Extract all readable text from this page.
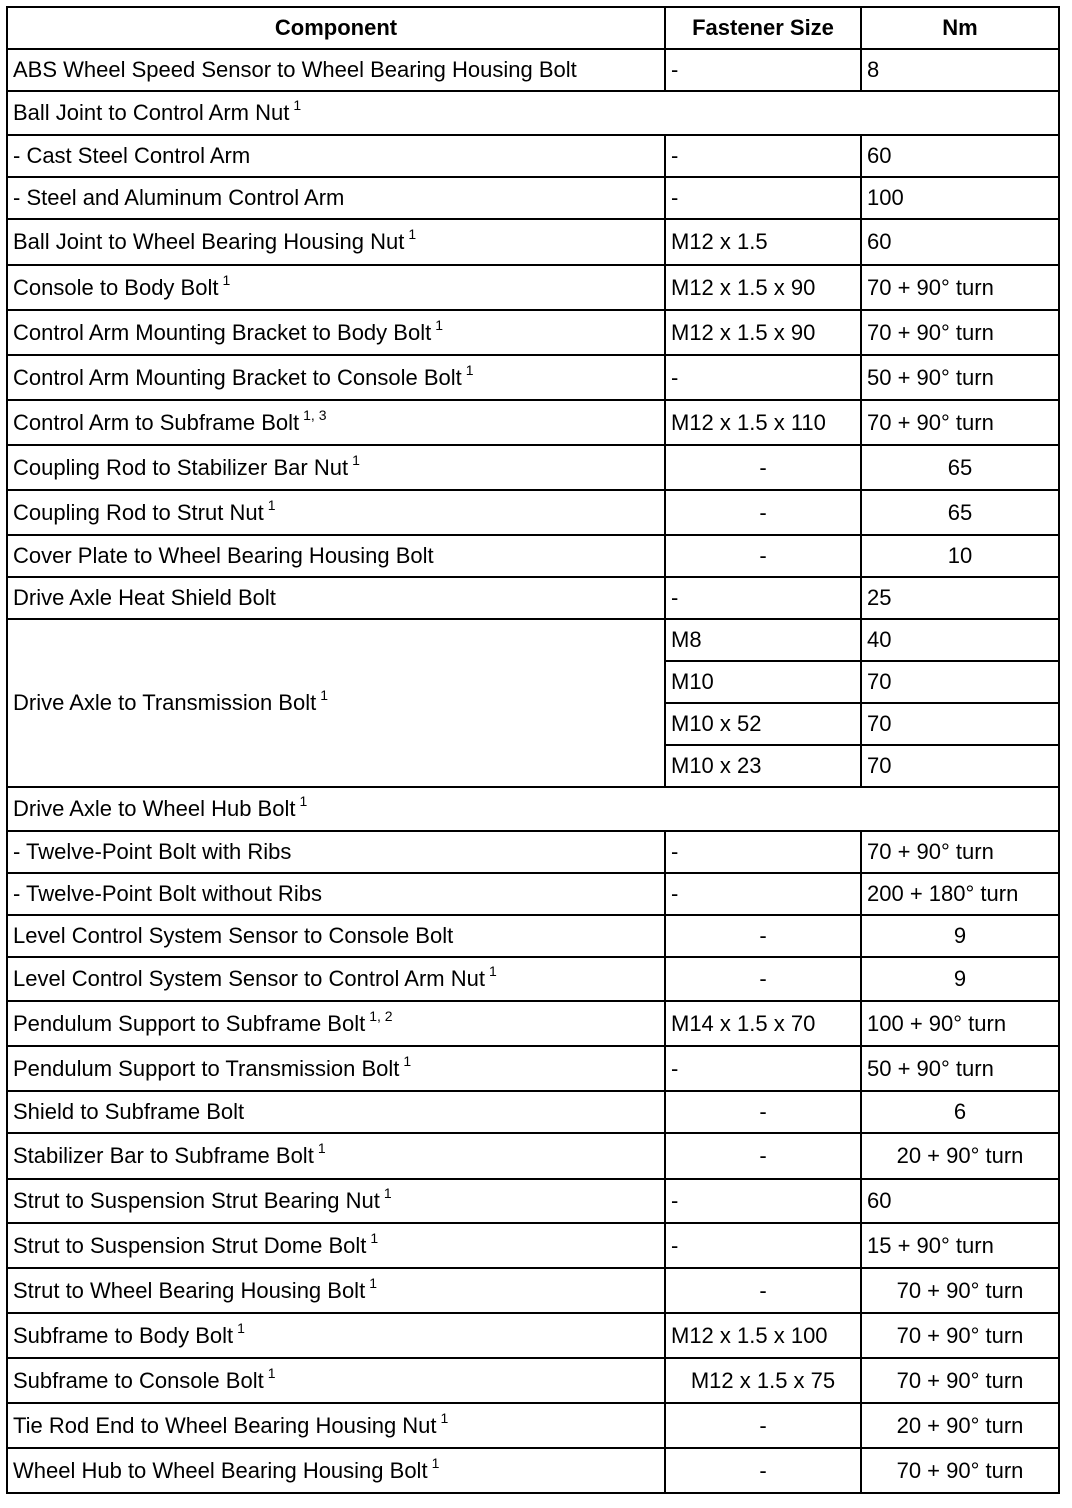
Component	Fastener Size	Nm
ABS Wheel Speed Sensor to Wheel Bearing Housing Bolt	-	8
Ball Joint to Control Arm Nut $^1$
- Cast Steel Control Arm	-	60
- Steel and Aluminum Control Arm	-	100
Ball Joint to Wheel Bearing Housing Nut $^1$	M12 x 1.5	60
Console to Body Bolt $^1$	M12 x 1.5 x 90	70 + 90° turn
Control Arm Mounting Bracket to Body Bolt $^1$	M12 x 1.5 x 90	70 + 90° turn
Control Arm Mounting Bracket to Console Bolt $^1$	-	50 + 90° turn
Control Arm to Subframe Bolt $^{1, 3}$	M12 x 1.5 x 110	70 + 90° turn
Coupling Rod to Stabilizer Bar Nut $^1$	-	65
Coupling Rod to Strut Nut $^1$	-	65
Cover Plate to Wheel Bearing Housing Bolt	-	10
Drive Axle Heat Shield Bolt	-	25
Drive Axle to Transmission Bolt $^1$	M8	40
	M10	70
	M10 x 52	70
	M10 x 23	70
Drive Axle to Wheel Hub Bolt $^1$
- Twelve-Point Bolt with Ribs	-	70 + 90° turn
- Twelve-Point Bolt without Ribs	-	200 + 180° turn
Level Control System Sensor to Console Bolt	-	9
Level Control System Sensor to Control Arm Nut $^1$	-	9
Pendulum Support to Subframe Bolt $^{1, 2}$	M14 x 1.5 x 70	100 + 90° turn
Pendulum Support to Transmission Bolt $^1$	-	50 + 90° turn
Shield to Subframe Bolt	-	6
Stabilizer Bar to Subframe Bolt $^1$	-	20 + 90° turn
Strut to Suspension Strut Bearing Nut $^1$	-	60
Strut to Suspension Strut Dome Bolt $^1$	-	15 + 90° turn
Strut to Wheel Bearing Housing Bolt $^1$	-	70 + 90° turn
Subframe to Body Bolt $^1$	M12 x 1.5 x 100	70 + 90° turn
Subframe to Console Bolt $^1$	M12 x 1.5 x 75	70 + 90° turn
Tie Rod End to Wheel Bearing Housing Nut $^1$	-	20 + 90° turn
Wheel Hub to Wheel Bearing Housing Bolt $^1$	-	70 + 90° turn
